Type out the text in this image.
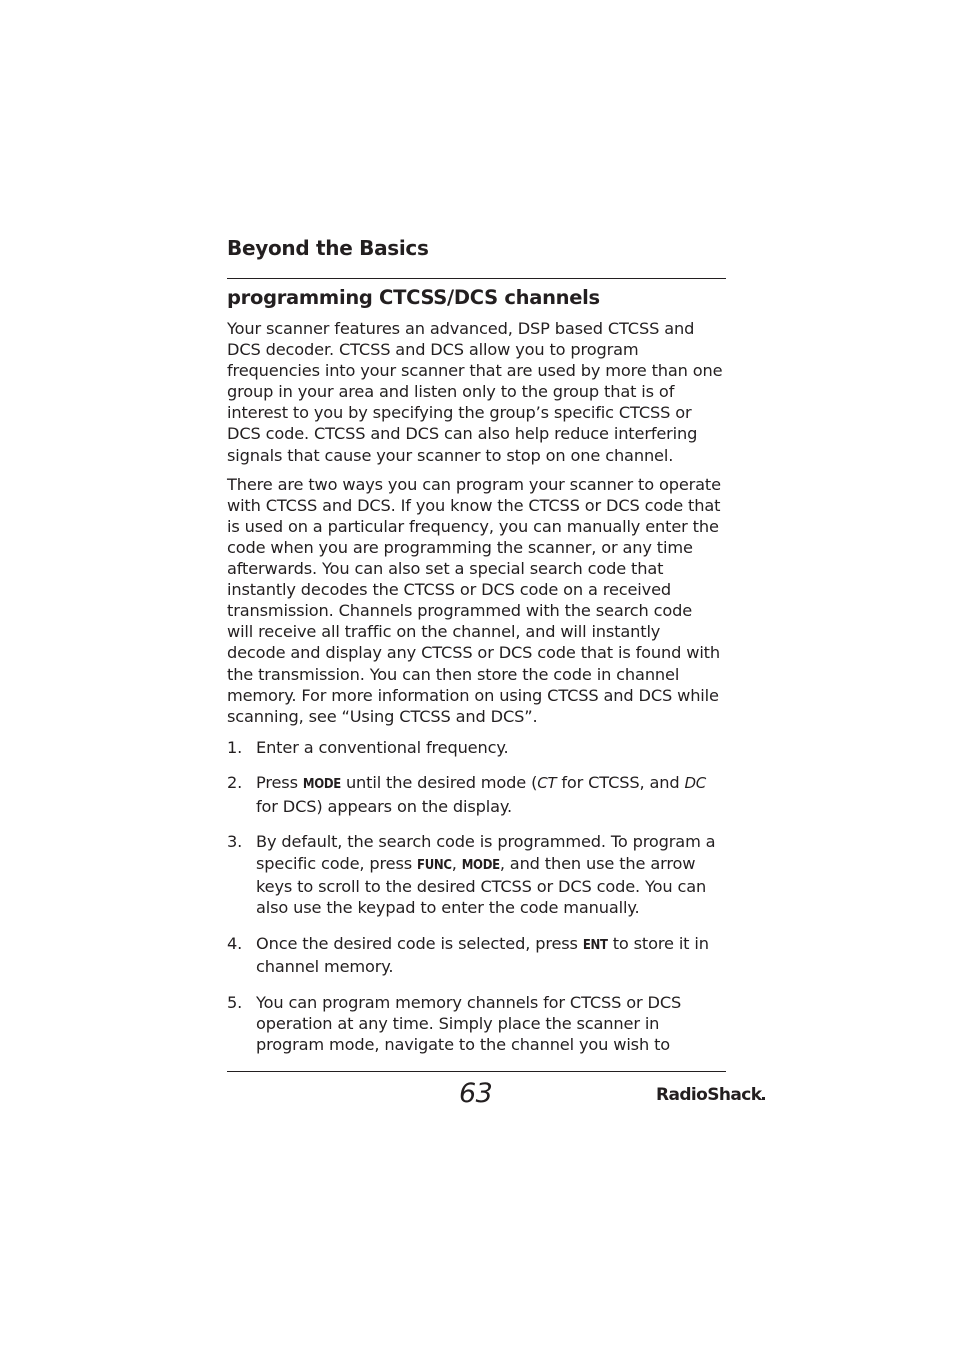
Beyond the Basics
programming CTCSS/DCS channels

Your scanner features an advanced, DSP based CTCSS and DCS decoder. CTCSS and DCS allow you to program frequencies into your scanner that are used by more than one group in your area and listen only to the group that is of interest to you by specifying the group’s specific CTCSS or DCS code. CTCSS and DCS can also help reduce interfering signals that cause your scanner to stop on one channel.

There are two ways you can program your scanner to operate with CTCSS and DCS. If you know the CTCSS or DCS code that is used on a particular frequency, you can manually enter the code when you are programming the scanner, or any time afterwards. You can also set a special search code that instantly decodes the CTCSS or DCS code on a received transmission. Channels programmed with the search code will receive all traffic on the channel, and will instantly decode and display any CTCSS or DCS code that is found with the transmission. You can then store the code in channel memory. For more information on using CTCSS and DCS while scanning, see “Using CTCSS and DCS”.

1. Enter a conventional frequency.
2. Press MODE until the desired mode (CT for CTCSS, and DC for DCS) appears on the display.
3. By default, the search code is programmed. To program a specific code, press FUNC, MODE, and then use the arrow keys to scroll to the desired CTCSS or DCS code. You can also use the keypad to enter the code manually.
4. Once the desired code is selected, press ENT to store it in channel memory.
5. You can program memory channels for CTCSS or DCS operation at any time. Simply place the scanner in program mode, navigate to the channel you wish to
63	RadioShack
